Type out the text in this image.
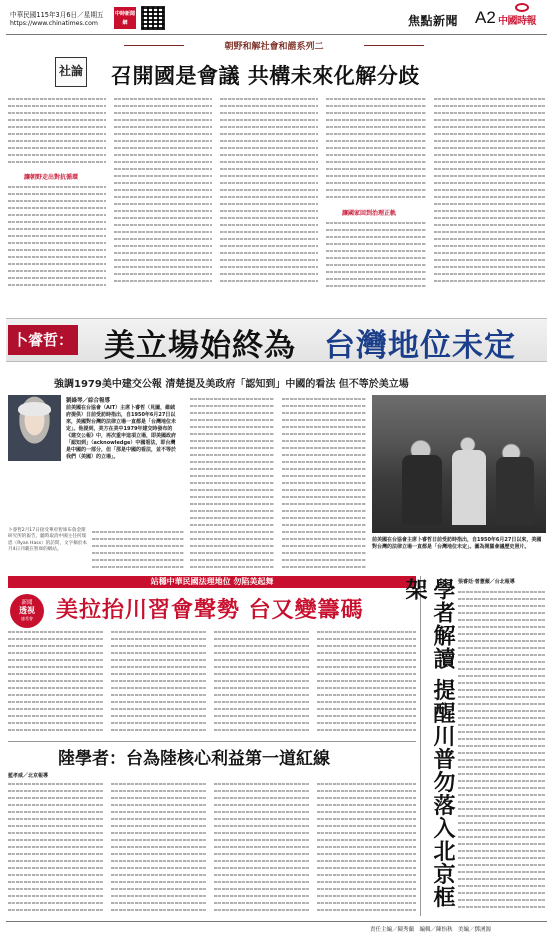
中華民國115年3月6日／星期五
https://www.chinatimes.com
中時新聞網	焦點新聞 A2 中國時報
朝野和解社會和諧系列二
社論 召開國是會議 共構未來化解分歧
讓朝野走出對抗循環
讓國家回到治理正軌
卜睿哲： 美立場始終為 台灣地位未定
強調1979美中建交公報 清楚提及美政府「認知到」中國的看法 但不等於美立場
劉綠琴／綜合報導
前美國在台協會（AIT）主席卜睿哲（見圖，維絨府提供）日前受訪時指出，自1950年6月27日以來，美國對台灣的法律立場一直都是「台灣地位未定」。他提到，美方在美中1979年建交時發布的《建交公報》中，再次重申這項立場，即美國政府「認知到」（acknowledge）中國看法，即台灣是中國的一部分，但「那是中國的看法，並不等於我們（美國）的立場」。
卜睿哲2月17日接受華府智庫布魯金斯研究所的報告，聽時取消中國主任何瑞恩（Ryan Hass）的訪問，文字稿於本月4日刊載在智庫的網站。
前美國在台協會主席卜睿哲日前受訪時指出，自1950年6月27日以來，美國對台灣的法律立場一直都是「台灣地位未定」。圖為開羅會議歷史照片。
站穩中華民國法理地位 勿陷美起舞
新聞
透視
連希會	美拉抬川習會聲勢 台又變籌碼
陸學者：台為陸核心利益第一道紅線
藍孝威／北京報導	學者解讀 提醒川普勿落入北京框架	張睿廷‧曾薏蘋／台北報導
責任主編／陳秀蘭　編輯／陳怡秋　美編／鄧湧源
